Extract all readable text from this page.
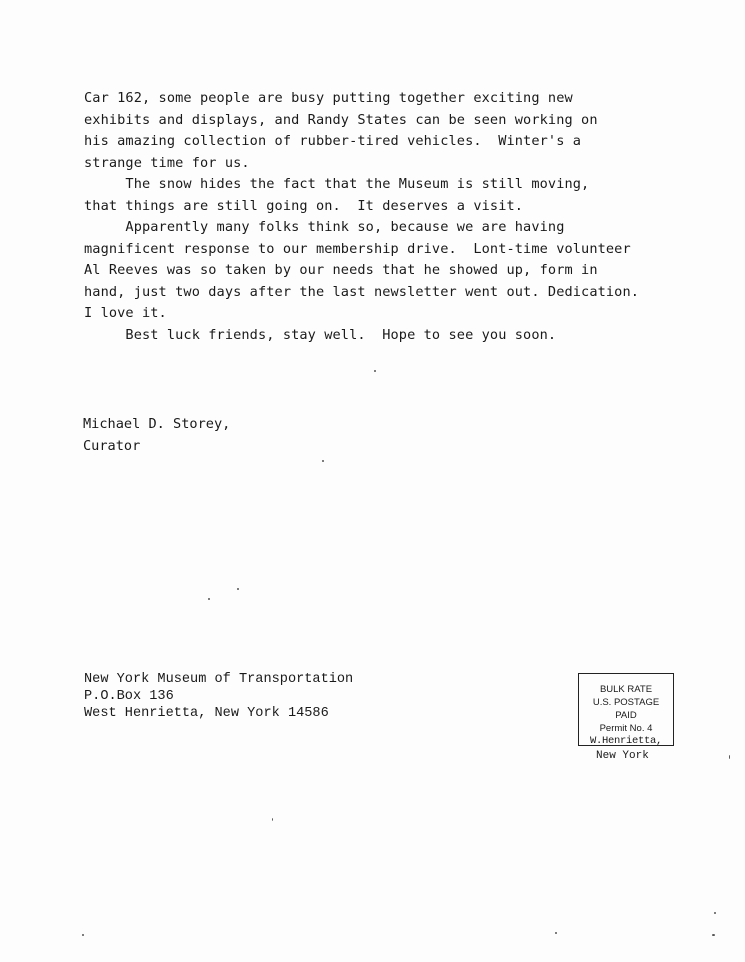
Car 162, some people are busy putting together exciting new

exhibits and displays, and Randy States can be seen working on

his amazing collection of rubber-tired vehicles.  Winter's a

strange time for us.

The snow hides the fact that the Museum is still moving,

that things are still going on.  It deserves a visit.

Apparently many folks think so, because we are having

magnificent response to our membership drive.  Lont-time volunteer

Al Reeves was so taken by our needs that he showed up, form in

hand, just two days after the last newsletter went out. Dedication.

I love it.

Best luck friends, stay well.  Hope to see you soon.

Michael D. Storey,
Curator
New York Museum of Transportation
P.O.Box 136
West Henrietta, New York 14586
BULK RATE
U.S. POSTAGE
PAID
Permit No. 4
W.Henrietta,
New York
